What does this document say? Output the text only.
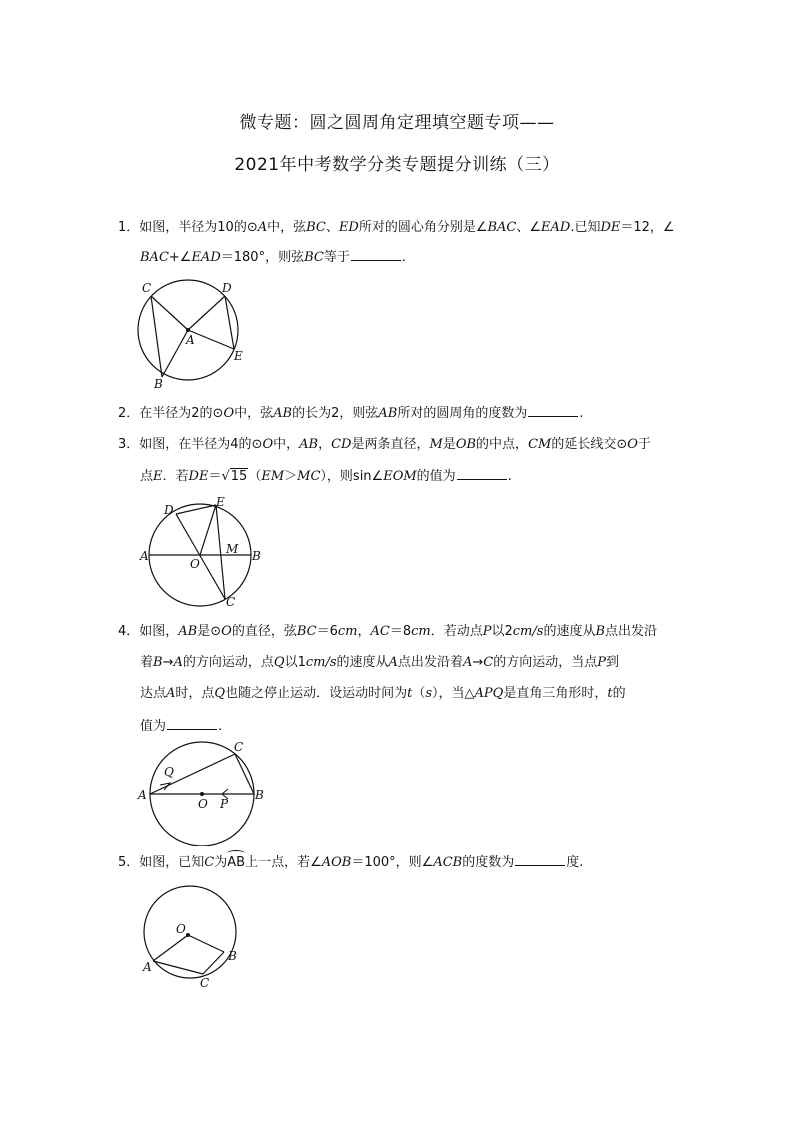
微专题：圆之圆周角定理填空题专项——
2021年中考数学分类专题提分训练（三）
1．如图，半径为10的⊙A中，弦BC、ED所对的圆心角分别是∠BAC、∠EAD.已知DE＝12，∠
BAC+∠EAD＝180°，则弦BC等于	.
C	D
A
E
B
2．在半径为2的⊙O中，弦AB的长为2，则弦AB所对的圆周角的度数为	.
3．如图，在半径为4的⊙O中，AB，CD是两条直径，M是OB的中点，CM的延长线交⊙O于
点E．若DE＝√15（EM＞MC），则sin∠EOM的值为	.
D
E
A	M B
O
C
4．如图，AB是⊙O的直径，弦BC＝6cm，AC＝8cm．若动点P以2cm/s的速度从B点出发沿
着B→A的方向运动，点Q以1cm/s的速度从A点出发沿着A→C的方向运动，当点P到
达点A时，点Q也随之停止运动．设运动时间为t（s），当△APQ是直角三角形时，t的
值为	.
C
Q
A
O P
B
5．如图，已知C为AB上一点，若∠AOB＝100°，则∠ACB的度数为	度.
O
A
B
C
